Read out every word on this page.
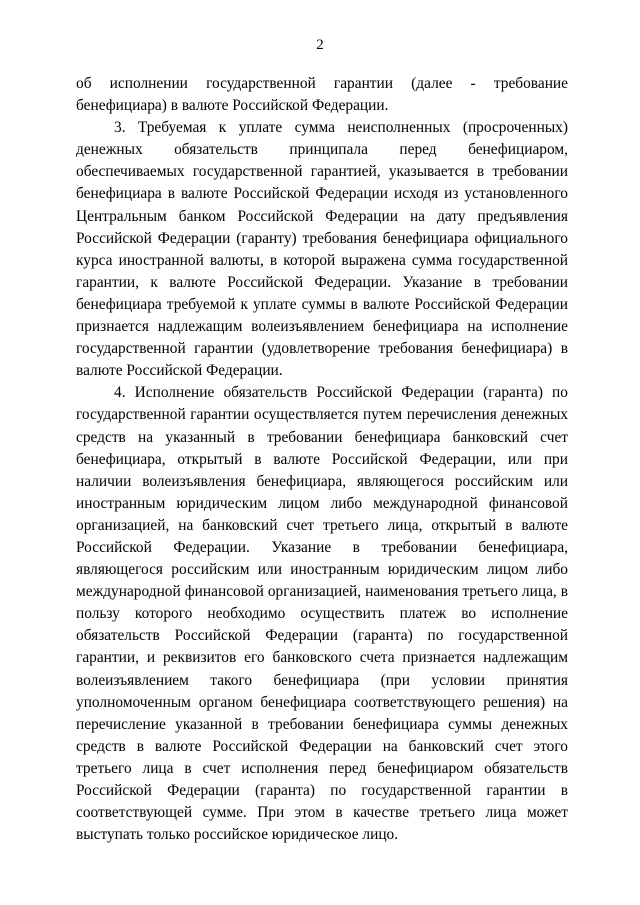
2

об исполнении государственной гарантии (далее - требование бенефициара) в валюте Российской Федерации.

3. Требуемая к уплате сумма неисполненных (просроченных) денежных обязательств принципала перед бенефициаром, обеспечиваемых государственной гарантией, указывается в требовании бенефициара в валюте Российской Федерации исходя из установленного Центральным банком Российской Федерации на дату предъявления Российской Федерации (гаранту) требования бенефициара официального курса иностранной валюты, в которой выражена сумма государственной гарантии, к валюте Российской Федерации. Указание в требовании бенефициара требуемой к уплате суммы в валюте Российской Федерации признается надлежащим волеизъявлением бенефициара на исполнение государственной гарантии (удовлетворение требования бенефициара) в валюте Российской Федерации.

4. Исполнение обязательств Российской Федерации (гаранта) по государственной гарантии осуществляется путем перечисления денежных средств на указанный в требовании бенефициара банковский счет бенефициара, открытый в валюте Российской Федерации, или при наличии волеизъявления бенефициара, являющегося российским или иностранным юридическим лицом либо международной финансовой организацией, на банковский счет третьего лица, открытый в валюте Российской Федерации. Указание в требовании бенефициара, являющегося российским или иностранным юридическим лицом либо международной финансовой организацией, наименования третьего лица, в пользу которого необходимо осуществить платеж во исполнение обязательств Российской Федерации (гаранта) по государственной гарантии, и реквизитов его банковского счета признается надлежащим волеизъявлением такого бенефициара (при условии принятия уполномоченным органом бенефициара соответствующего решения) на перечисление указанной в требовании бенефициара суммы денежных средств в валюте Российской Федерации на банковский счет этого третьего лица в счет исполнения перед бенефициаром обязательств Российской Федерации (гаранта) по государственной гарантии в соответствующей сумме. При этом в качестве третьего лица может выступать только российское юридическое лицо.
